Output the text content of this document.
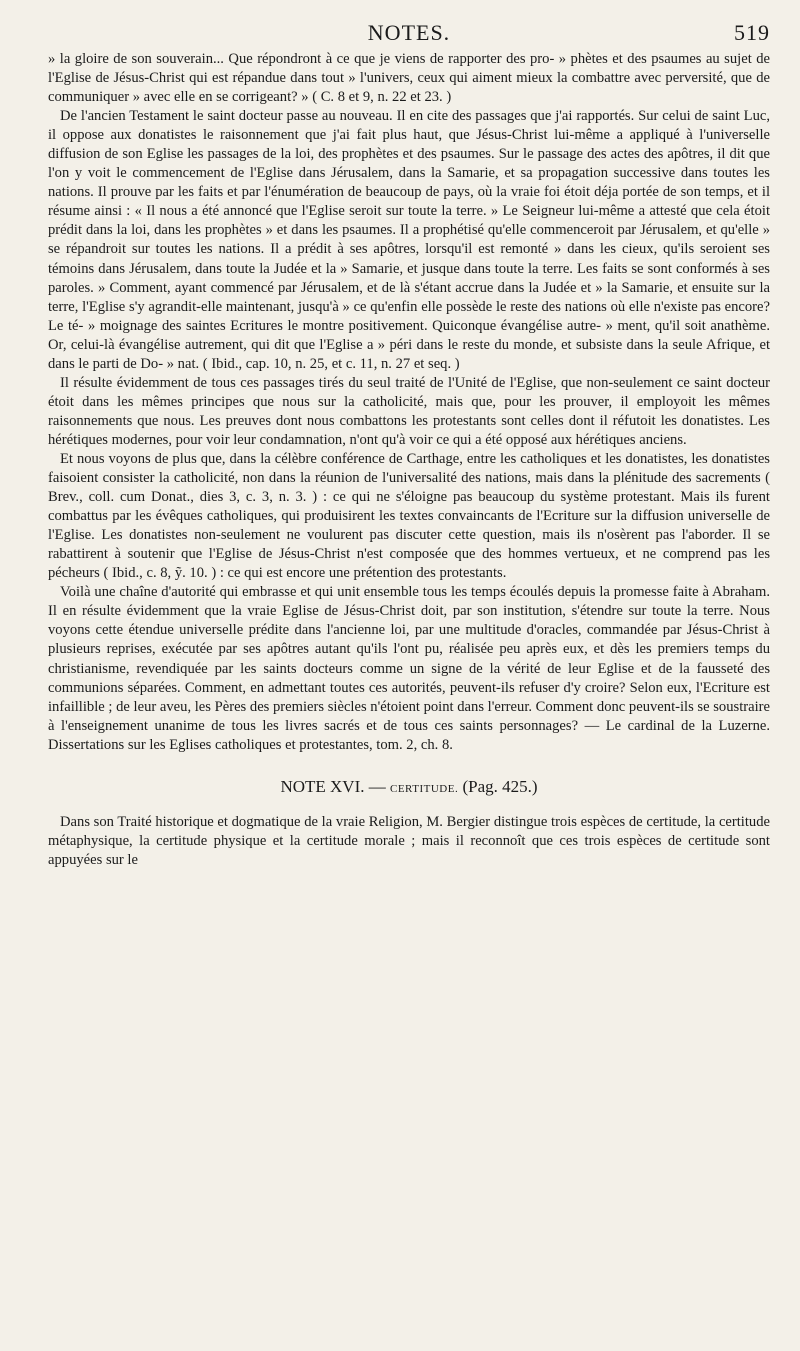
NOTES.	519

» la gloire de son souverain... Que répondront à ce que je viens de rapporter des pro- » phètes et des psaumes au sujet de l'Eglise de Jésus-Christ qui est répandue dans tout » l'univers, ceux qui aiment mieux la combattre avec perversité, que de communiquer » avec elle en se corrigeant? » ( C. 8 et 9, n. 22 et 23. )

De l'ancien Testament le saint docteur passe au nouveau. Il en cite des passages que j'ai rapportés. Sur celui de saint Luc, il oppose aux donatistes le raisonnement que j'ai fait plus haut, que Jésus-Christ lui-même a appliqué à l'universelle diffusion de son Eglise les passages de la loi, des prophètes et des psaumes. Sur le passage des actes des apôtres, il dit que l'on y voit le commencement de l'Eglise dans Jérusalem, dans la Samarie, et sa propagation successive dans toutes les nations. Il prouve par les faits et par l'énumération de beaucoup de pays, où la vraie foi étoit déja portée de son temps, et il résume ainsi : « Il nous a été annoncé que l'Eglise seroit sur toute la terre. » Le Seigneur lui-même a attesté que cela étoit prédit dans la loi, dans les prophètes » et dans les psaumes. Il a prophétisé qu'elle commenceroit par Jérusalem, et qu'elle » se répandroit sur toutes les nations. Il a prédit à ses apôtres, lorsqu'il est remonté » dans les cieux, qu'ils seroient ses témoins dans Jérusalem, dans toute la Judée et la » Samarie, et jusque dans toute la terre. Les faits se sont conformés à ses paroles. » Comment, ayant commencé par Jérusalem, et de là s'étant accrue dans la Judée et » la Samarie, et ensuite sur la terre, l'Eglise s'y agrandit-elle maintenant, jusqu'à » ce qu'enfin elle possède le reste des nations où elle n'existe pas encore? Le té- » moignage des saintes Ecritures le montre positivement. Quiconque évangélise autre- » ment, qu'il soit anathème. Or, celui-là évangélise autrement, qui dit que l'Eglise a » péri dans le reste du monde, et subsiste dans la seule Afrique, et dans le parti de Do- » nat. ( Ibid., cap. 10, n. 25, et c. 11, n. 27 et seq. )

Il résulte évidemment de tous ces passages tirés du seul traité de l'Unité de l'Eglise, que non-seulement ce saint docteur étoit dans les mêmes principes que nous sur la catholicité, mais que, pour les prouver, il employoit les mêmes raisonnements que nous. Les preuves dont nous combattons les protestants sont celles dont il réfutoit les donatistes. Les hérétiques modernes, pour voir leur condamnation, n'ont qu'à voir ce qui a été opposé aux hérétiques anciens.

Et nous voyons de plus que, dans la célèbre conférence de Carthage, entre les catholiques et les donatistes, les donatistes faisoient consister la catholicité, non dans la réunion de l'universalité des nations, mais dans la plénitude des sacrements ( Brev., coll. cum Donat., dies 3, c. 3, n. 3. ) : ce qui ne s'éloigne pas beaucoup du système protestant. Mais ils furent combattus par les évêques catholiques, qui produisirent les textes convaincants de l'Ecriture sur la diffusion universelle de l'Eglise. Les donatistes non-seulement ne voulurent pas discuter cette question, mais ils n'osèrent pas l'aborder. Il se rabattirent à soutenir que l'Eglise de Jésus-Christ n'est composée que des hommes vertueux, et ne comprend pas les pécheurs ( Ibid., c. 8, ỹ. 10. ) : ce qui est encore une prétention des protestants.

Voilà une chaîne d'autorité qui embrasse et qui unit ensemble tous les temps écoulés depuis la promesse faite à Abraham. Il en résulte évidemment que la vraie Eglise de Jésus-Christ doit, par son institution, s'étendre sur toute la terre. Nous voyons cette étendue universelle prédite dans l'ancienne loi, par une multitude d'oracles, commandée par Jésus-Christ à plusieurs reprises, exécutée par ses apôtres autant qu'ils l'ont pu, réalisée peu après eux, et dès les premiers temps du christianisme, revendiquée par les saints docteurs comme un signe de la vérité de leur Eglise et de la fausseté des communions séparées. Comment, en admettant toutes ces autorités, peuvent-ils refuser d'y croire? Selon eux, l'Ecriture est infaillible ; de leur aveu, les Pères des premiers siècles n'étoient point dans l'erreur. Comment donc peuvent-ils se soustraire à l'enseignement unanime de tous les livres sacrés et de tous ces saints personnages? — Le cardinal de la Luzerne. Dissertations sur les Eglises catholiques et protestantes, tom. 2, ch. 8.

NOTE XVI. — CERTITUDE. (Pag. 425.)

Dans son Traité historique et dogmatique de la vraie Religion, M. Bergier distingue trois espèces de certitude, la certitude métaphysique, la certitude physique et la certitude morale ; mais il reconnoît que ces trois espèces de certitude sont appuyées sur le
